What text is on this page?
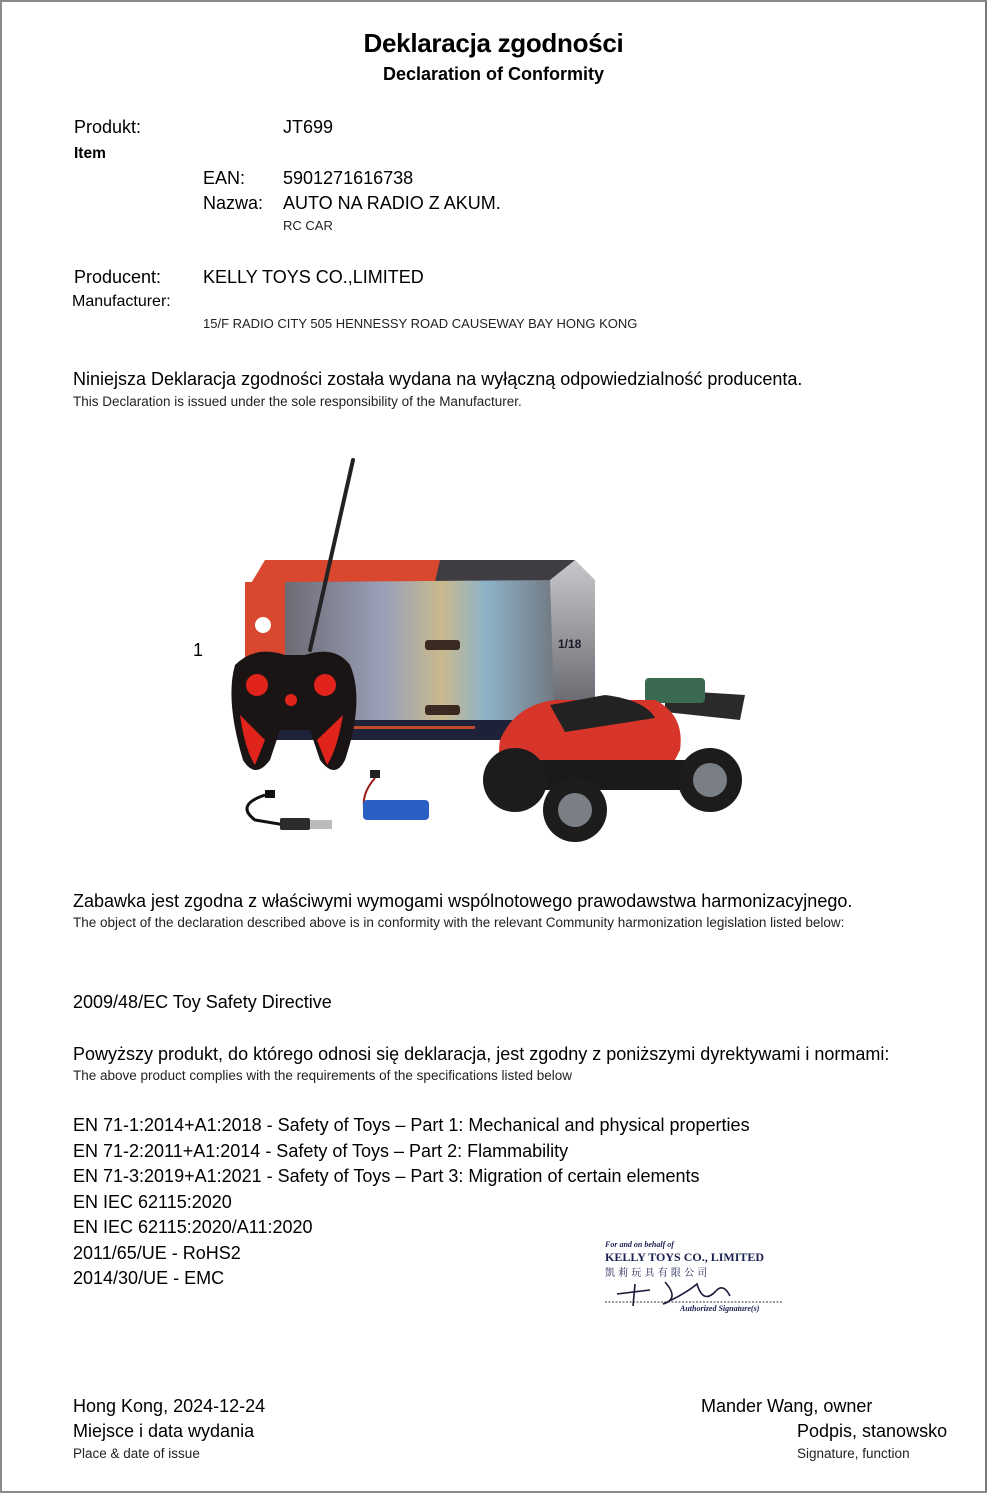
Deklaracja zgodności
Declaration of Conformity
Produkt:
Item
JT699
EAN: 5901271616738
Nazwa: AUTO NA RADIO Z AKUM.
RC CAR
Producent:
Manufacturer:
KELLY TOYS CO.,LIMITED
15/F RADIO CITY 505 HENNESSY ROAD CAUSEWAY BAY HONG KONG
Niniejsza Deklaracja zgodności została wydana na wyłączną odpowiedzialność producenta.
This Declaration is issued under the sole responsibility of the Manufacturer.
1	1/18
Zabawka jest zgodna z właściwymi wymogami wspólnotowego prawodawstwa harmonizacyjnego.
The object of the declaration described above is in conformity with the relevant Community harmonization legislation listed below:
2009/48/EC Toy Safety Directive
Powyższy produkt, do którego odnosi się deklaracja, jest zgodny z poniższymi dyrektywami i normami:
The above product complies with the requirements of the specifications listed below
EN 71-1:2014+A1:2018 - Safety of Toys – Part 1: Mechanical and physical properties
EN 71-2:2011+A1:2014 - Safety of Toys – Part 2: Flammability
EN 71-3:2019+A1:2021 - Safety of Toys – Part 3: Migration of certain elements
EN IEC 62115:2020
EN IEC 62115:2020/A11:2020
2011/65/UE - RoHS2
2014/30/UE - EMC
For and on behalf of
KELLY TOYS CO., LIMITED
凱 莉 玩 具 有 限 公 司
Authorized Signature(s)
Hong Kong, 2024-12-24
Miejsce i data wydania
Place & date of issue
Mander Wang, owner
Podpis, stanowsko
Signature, function
